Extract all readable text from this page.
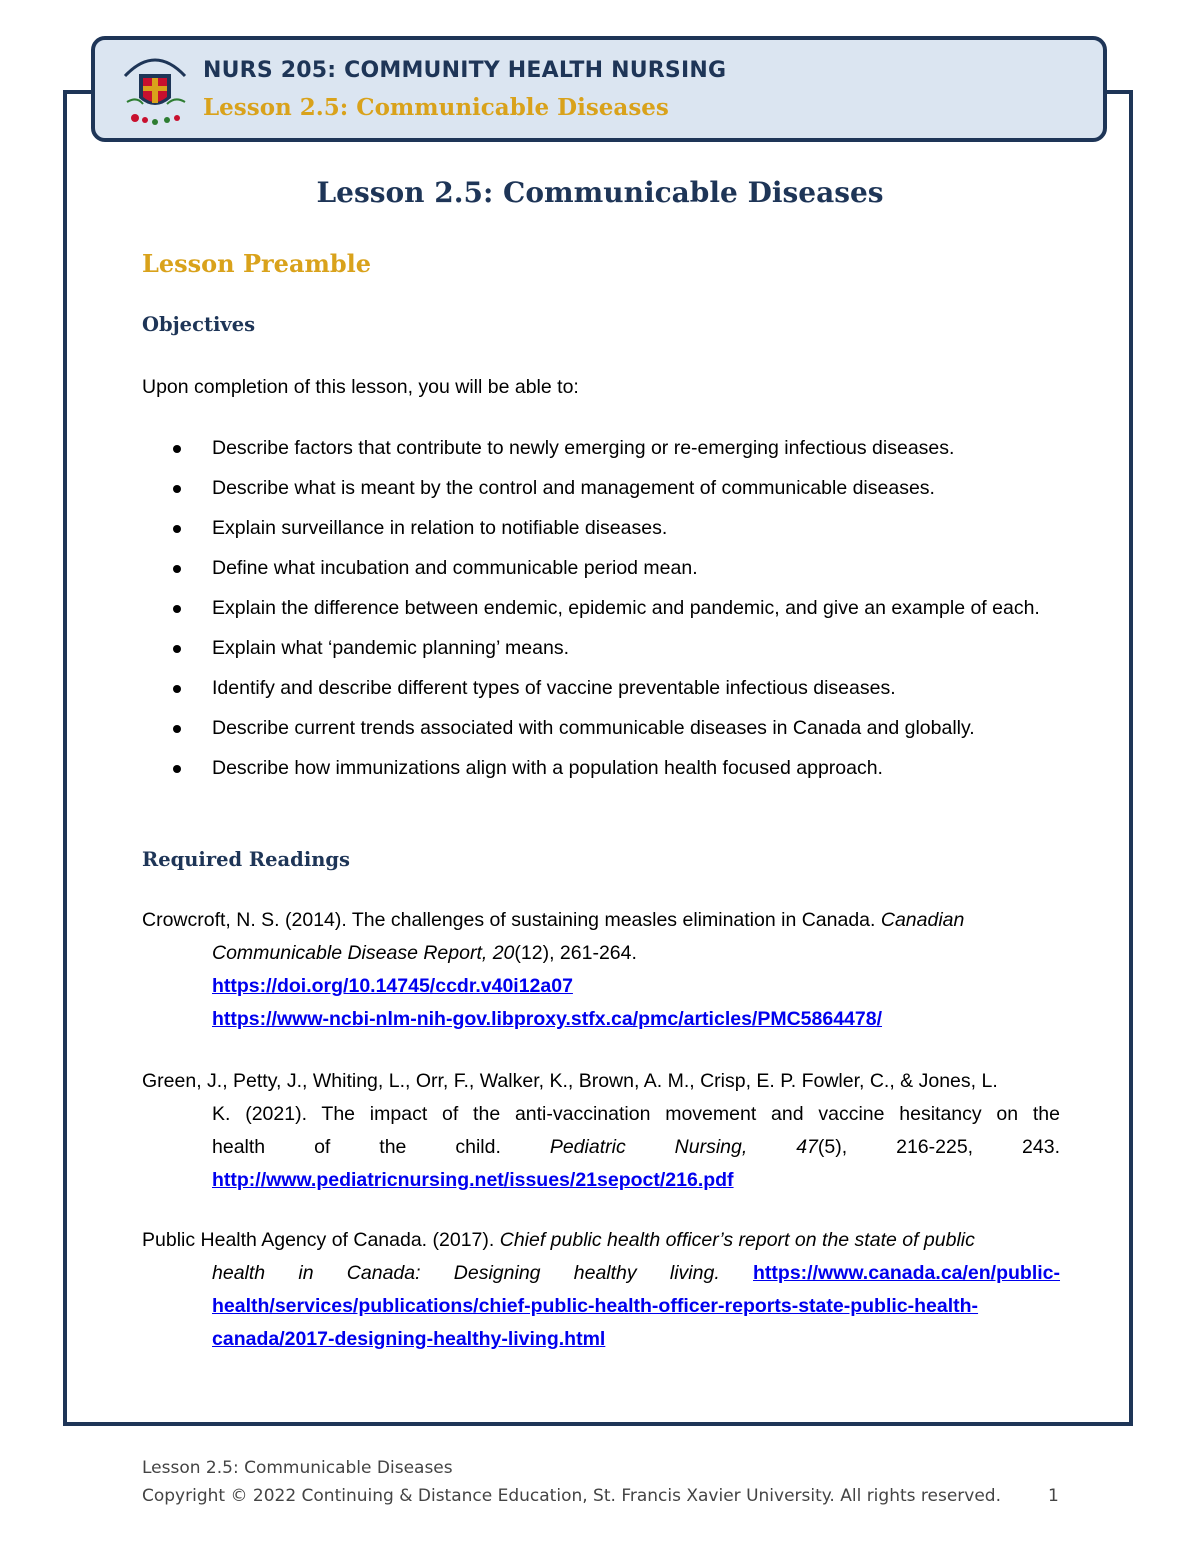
NURS 205: COMMUNITY HEALTH NURSING
Lesson 2.5: Communicable Diseases
Lesson 2.5: Communicable Diseases
Lesson Preamble
Objectives
Upon completion of this lesson, you will be able to:
Describe factors that contribute to newly emerging or re-emerging infectious diseases.
Describe what is meant by the control and management of communicable diseases.
Explain surveillance in relation to notifiable diseases.
Define what incubation and communicable period mean.
Explain the difference between endemic, epidemic and pandemic, and give an example of each.
Explain what ‘pandemic planning’ means.
Identify and describe different types of vaccine preventable infectious diseases.
Describe current trends associated with communicable diseases in Canada and globally.
Describe how immunizations align with a population health focused approach.
Required Readings
Crowcroft, N. S. (2014). The challenges of sustaining measles elimination in Canada. Canadian
Communicable Disease Report, 20(12), 261-264.
https://doi.org/10.14745/ccdr.v40i12a07
https://www-ncbi-nlm-nih-gov.libproxy.stfx.ca/pmc/articles/PMC5864478/
Green, J., Petty, J., Whiting, L., Orr, F., Walker, K., Brown, A. M., Crisp, E. P. Fowler, C., & Jones, L.
K. (2021). The impact of the anti-vaccination movement and vaccine hesitancy on the
health of the child. Pediatric Nursing, 47(5), 216-225, 243.
http://www.pediatricnursing.net/issues/21sepoct/216.pdf
Public Health Agency of Canada. (2017). Chief public health officer’s report on the state of public
health in Canada: Designing healthy living. https://www.canada.ca/en/public-
health/services/publications/chief-public-health-officer-reports-state-public-health-
canada/2017-designing-healthy-living.html
Lesson 2.5: Communicable Diseases
Copyright © 2022 Continuing & Distance Education, St. Francis Xavier University. All rights reserved.	1
